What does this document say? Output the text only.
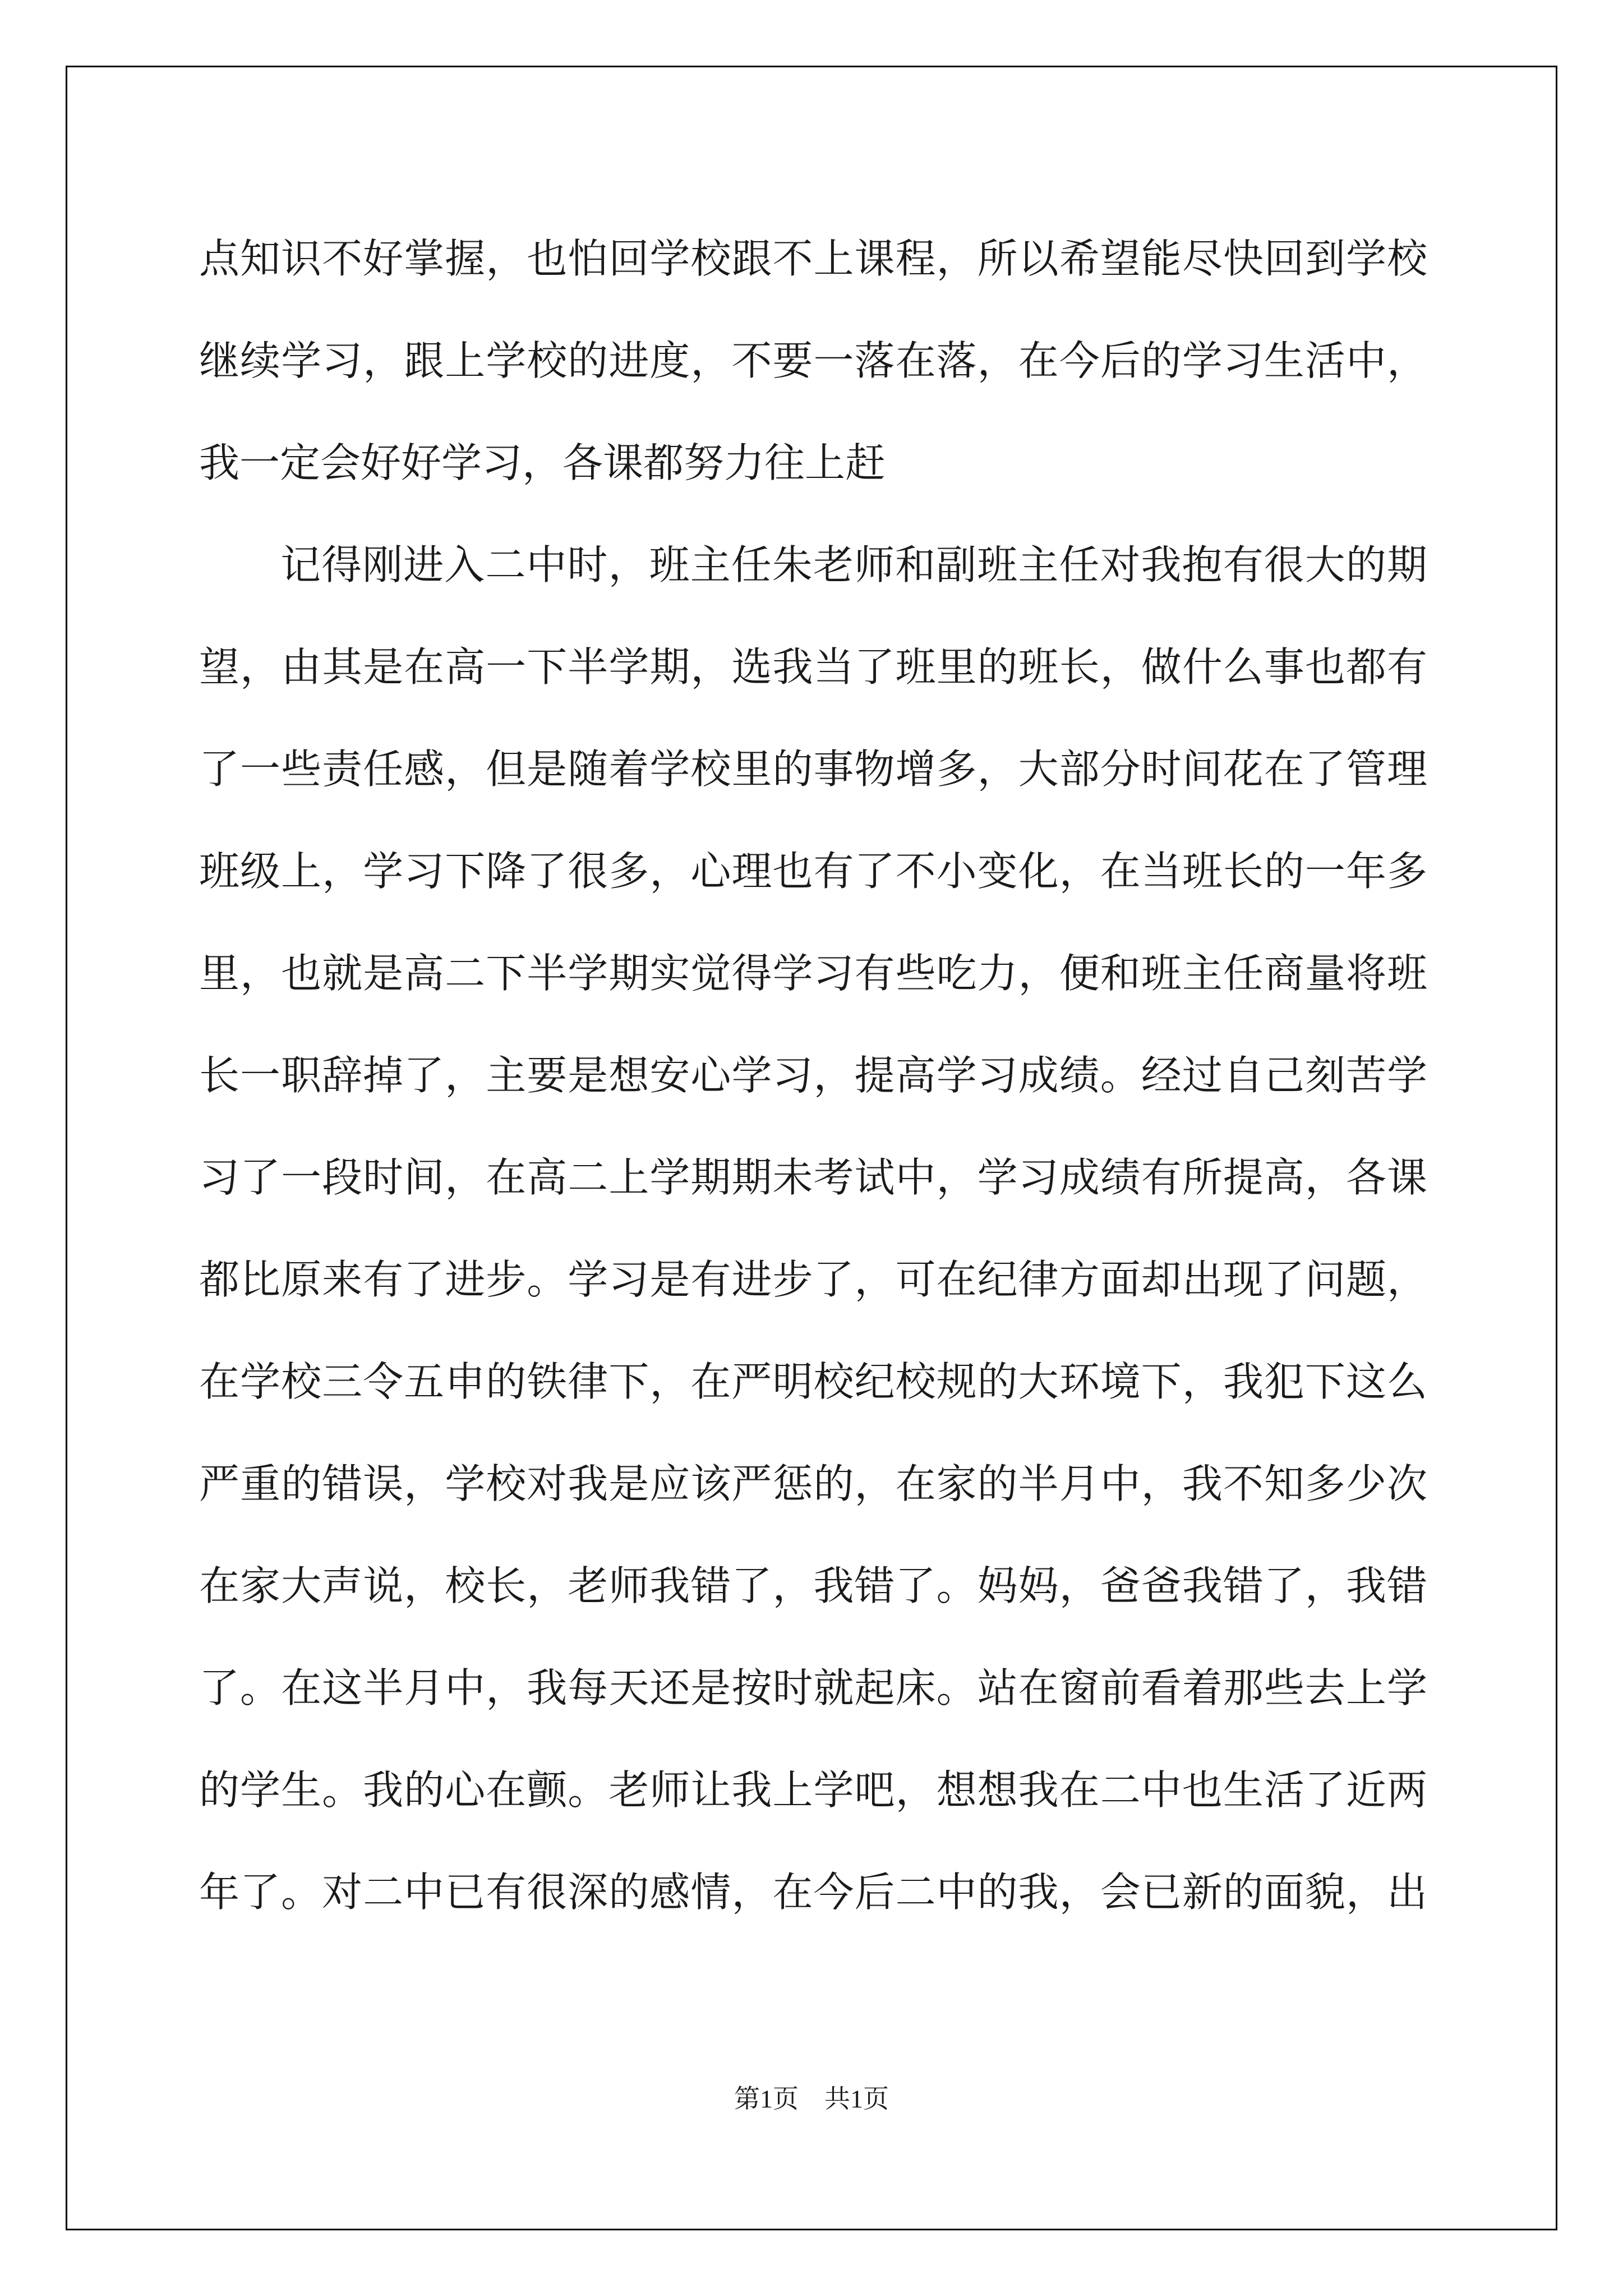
点知识不好掌握，也怕回学校跟不上课程，所以希望能尽快回到学校
继续学习，跟上学校的进度，不要一落在落，在今后的学习生活中，
我一定会好好学习，各课都努力往上赶
记得刚进入二中时，班主任朱老师和副班主任对我抱有很大的期
望，由其是在高一下半学期，选我当了班里的班长，做什么事也都有
了一些责任感，但是随着学校里的事物增多，大部分时间花在了管理
班级上，学习下降了很多，心理也有了不小变化，在当班长的一年多
里，也就是高二下半学期实觉得学习有些吃力，便和班主任商量将班
长一职辞掉了，主要是想安心学习，提高学习成绩。经过自己刻苦学
习了一段时间，在高二上学期期未考试中，学习成绩有所提高，各课
都比原来有了进步。学习是有进步了，可在纪律方面却出现了问题，
在学校三令五申的铁律下，在严明校纪校规的大环境下，我犯下这么
严重的错误，学校对我是应该严惩的，在家的半月中，我不知多少次
在家大声说，校长，老师我错了，我错了。妈妈，爸爸我错了，我错
了。在这半月中，我每天还是按时就起床。站在窗前看着那些去上学
的学生。我的心在颤。老师让我上学吧，想想我在二中也生活了近两
年了。对二中已有很深的感情，在今后二中的我，会已新的面貌，出
第1页　共1页
